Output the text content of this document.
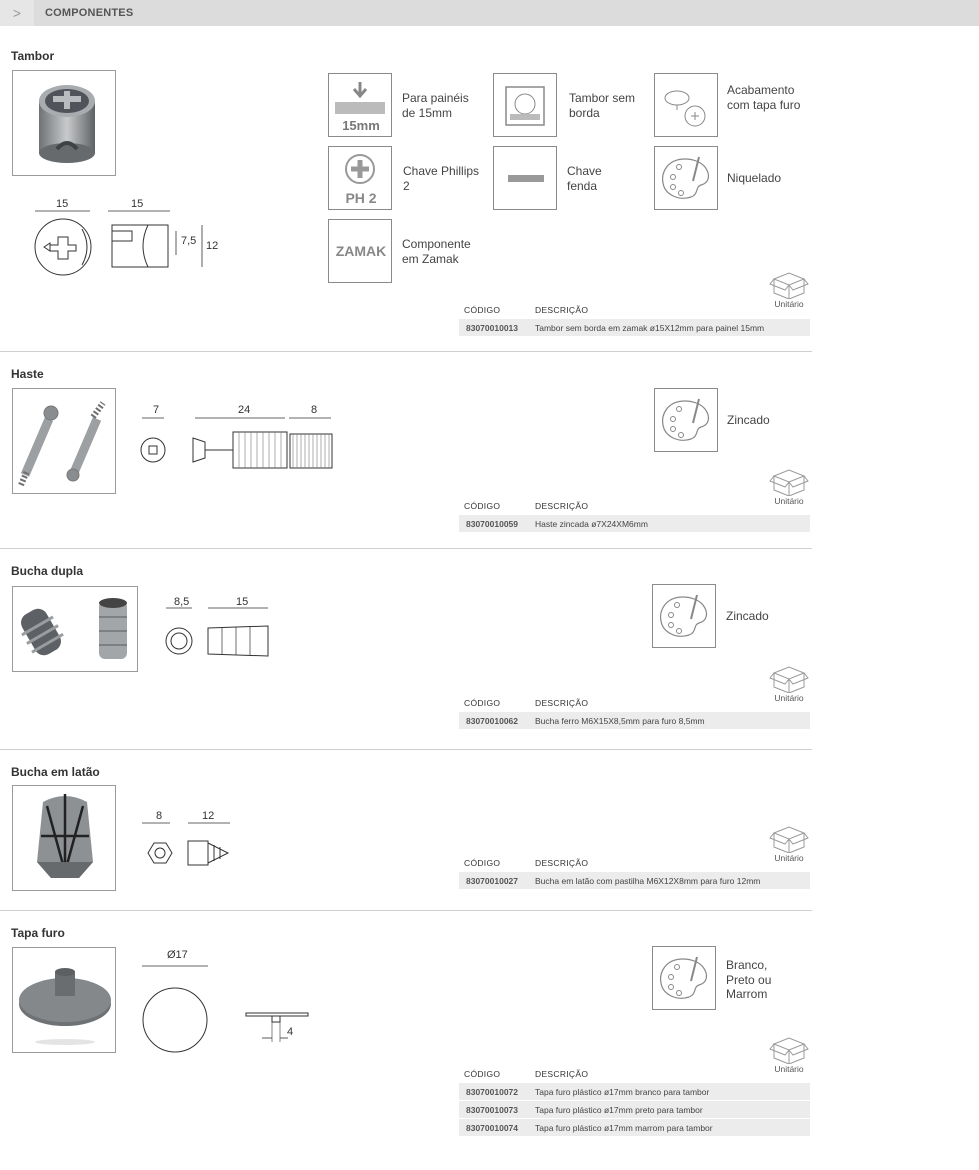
>	COMPONENTES
Tambor
15	15
7,5 12
15mm
Para painéis de 15mm
PH 2
Chave Phillips 2
ZAMAK	Componente em Zamak
Tambor sem borda
Chave fenda
Acabamento com tapa furo
Niquelado
Unitário
CÓDIGO	DESCRIÇÃO
83070010013 Tambor sem borda em zamak ø15X12mm para painel 15mm
Haste
7	24	8
Zincado
Unitário
CÓDIGO	DESCRIÇÃO
83070010059 Haste zincada ø7X24XM6mm
Bucha dupla
8,5	15
Zincado
Unitário
CÓDIGO	DESCRIÇÃO
83070010062 Bucha ferro M6X15X8,5mm para furo 8,5mm
Bucha em latão
8	12
Unitário
CÓDIGO	DESCRIÇÃO
83070010027 Bucha em latão com pastilha M6X12X8mm para furo 12mm
Tapa furo
Ø17
4
Branco, Preto ou Marrom
Unitário
CÓDIGO	DESCRIÇÃO
83070010072 Tapa furo plástico ø17mm branco para tambor
83070010073 Tapa furo plástico ø17mm preto para tambor
83070010074 Tapa furo plástico ø17mm marrom para tambor
